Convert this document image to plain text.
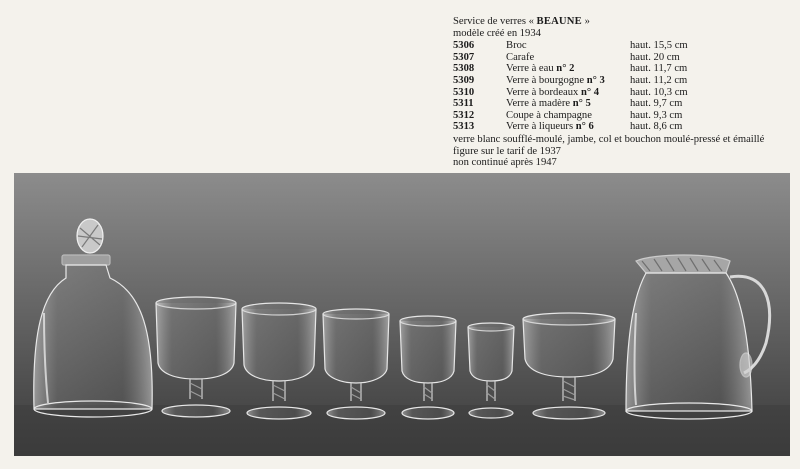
Service de verres « BEAUNE »
modèle créé en 1934
5306	Broc	haut. 15,5 cm
5307	Carafe	haut. 20 cm
5308	Verre à eau n° 2	haut. 11,7 cm
5309	Verre à bourgogne n° 3	haut. 11,2 cm
5310	Verre à bordeaux n° 4	haut. 10,3 cm
5311	Verre à madère n° 5	haut. 9,7 cm
5312	Coupe à champagne	haut. 9,3 cm
5313	Verre à liqueurs n° 6	haut. 8,6 cm
verre blanc soufflé-moulé, jambe, col et bouchon moulé-pressé et émaillé
figure sur le tarif de 1937
non continué après 1947
